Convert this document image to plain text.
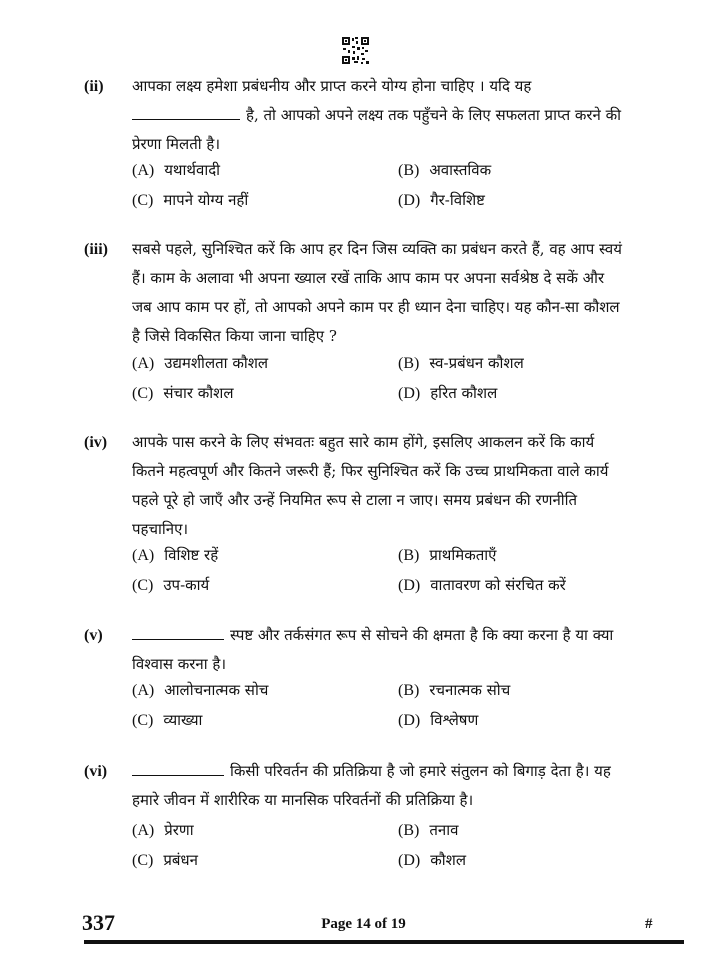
(ii) आपका लक्ष्य हमेशा प्रबंधनीय और प्राप्त करने योग्य होना चाहिए । यदि यह
है, तो आपको अपने लक्ष्य तक पहुँचने के लिए सफलता प्राप्त करने की
प्रेरणा मिलती है।
(A) यथार्थवादी	(B) अवास्तविक
(C) मापने योग्य नहीं	(D) गैर-विशिष्ट
(iii) सबसे पहले, सुनिश्चित करें कि आप हर दिन जिस व्यक्ति का प्रबंधन करते हैं, वह आप स्वयं
हैं। काम के अलावा भी अपना ख्याल रखें ताकि आप काम पर अपना सर्वश्रेष्ठ दे सकें और
जब आप काम पर हों, तो आपको अपने काम पर ही ध्यान देना चाहिए। यह कौन-सा कौशल
है जिसे विकसित किया जाना चाहिए ?
(A) उद्यमशीलता कौशल	(B) स्व-प्रबंधन कौशल
(C) संचार कौशल	(D) हरित कौशल
(iv) आपके पास करने के लिए संभवतः बहुत सारे काम होंगे, इसलिए आकलन करें कि कार्य
कितने महत्वपूर्ण और कितने जरूरी हैं; फिर सुनिश्चित करें कि उच्च प्राथमिकता वाले कार्य
पहले पूरे हो जाएँ और उन्हें नियमित रूप से टाला न जाए। समय प्रबंधन की रणनीति
पहचानिए।
(A) विशिष्ट रहें	(B) प्राथमिकताएँ
(C) उप-कार्य	(D) वातावरण को संरचित करें
(v)	स्पष्ट और तर्कसंगत रूप से सोचने की क्षमता है कि क्या करना है या क्या
विश्वास करना है।
(A) आलोचनात्मक सोच	(B) रचनात्मक सोच
(C) व्याख्या	(D) विश्लेषण
(vi)	किसी परिवर्तन की प्रतिक्रिया है जो हमारे संतुलन को बिगाड़ देता है। यह
हमारे जीवन में शारीरिक या मानसिक परिवर्तनों की प्रतिक्रिया है।
(A) प्रेरणा	(B) तनाव
(C) प्रबंधन	(D) कौशल
337	Page 14 of 19	#
